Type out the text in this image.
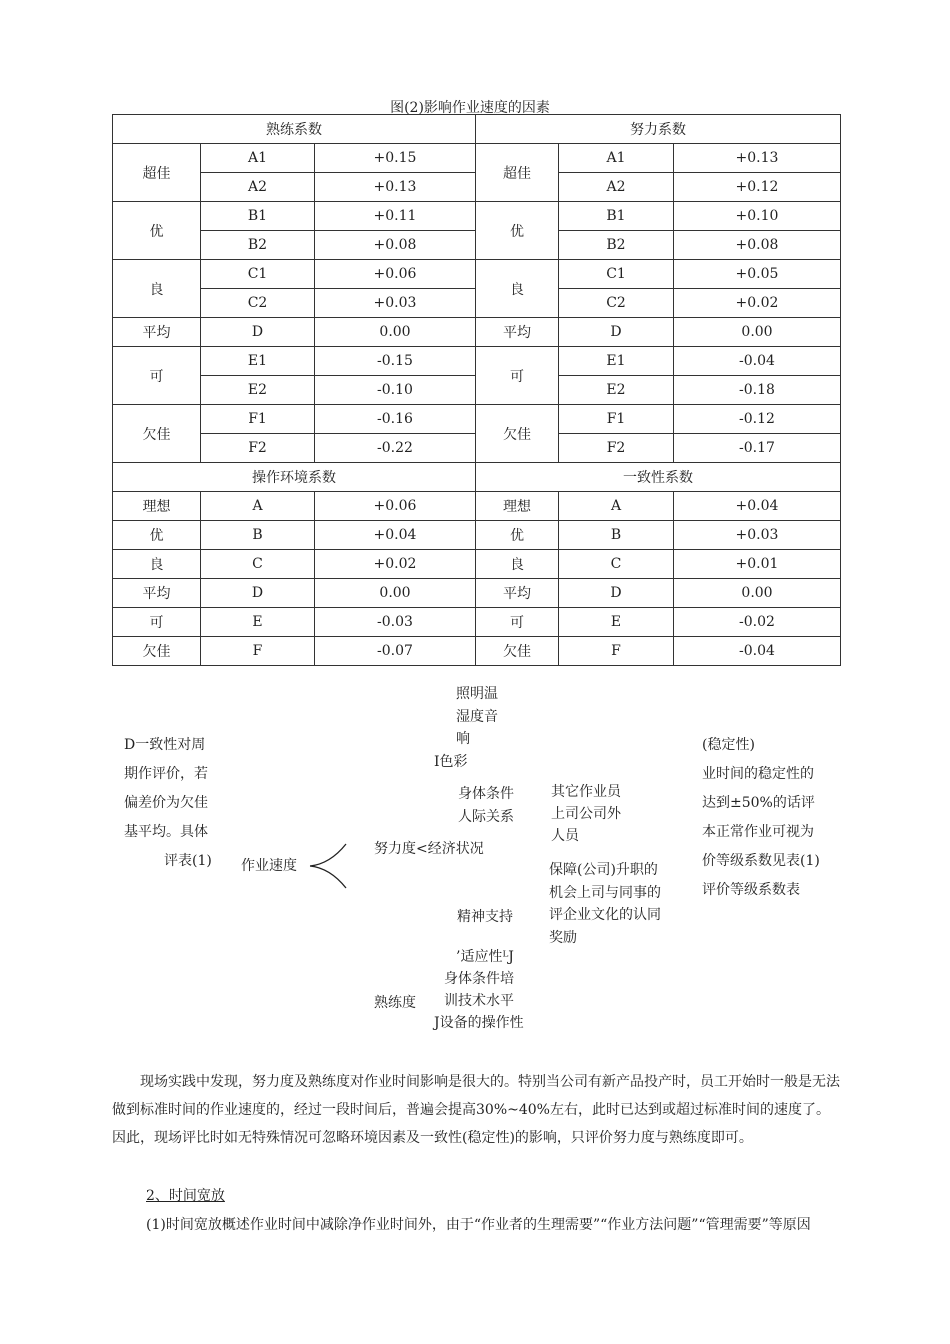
图(2)影响作业速度的因素
熟练系数			努力系数		
超佳	A1	+0.15	超佳	A1	+0.13
	A2	+0.13		A2	+0.12
优	B1	+0.11	优	B1	+0.10
	B2	+0.08		B2	+0.08
良	C1	+0.06	良	C1	+0.05
	C2	+0.03		C2	+0.02
平均	D	0.00	平均	D	0.00
可	E1	-0.15	可	E1	-0.04
	E2	-0.10		E2	-0.18
欠佳	F1	-0.16	欠佳	F1	-0.12
	F2	-0.22		F2	-0.17
操作环境系数			一致性系数		
理想	A	+0.06	理想	A	+0.04
优	B	+0.04	优	B	+0.03
良	C	+0.02	良	C	+0.01
平均	D	0.00	平均	D	0.00
可	E	-0.03	可	E	-0.02
欠佳	F	-0.07	欠佳	F	-0.04
D一致性对周
期作评价，若
偏差价为欠佳
基平均。具体
评表(1) 作业速度
照明温
湿度音
响
I色彩
身体条件
人际关系
努力度<经济状况
其它作业员
上司公司外
人员
保障(公司)升职的
机会上司与同事的
评企业文化的认同
奖励
精神支持
’适应性ᴸJ
身体条件培
训技术水平
J设备的操作性
熟练度
(稳定性)
业时间的稳定性的
达到±50%的话评
本正常作业可视为
价等级系数见表(1)
评价等级系数表

现场实践中发现，努力度及熟练度对作业时间影响是很大的。特别当公司有新产品投产时，员工开始时一般是无法做到标准时间的作业速度的，经过一段时间后，普遍会提高30%~40%左右，此时已达到或超过标准时间的速度了。因此，现场评比时如无特殊情况可忽略环境因素及一致性(稳定性)的影响，只评价努力度与熟练度即可。

2、时间宽放

(1)时间宽放概述作业时间中减除净作业时间外，由于“作业者的生理需要”“作业方法问题”“管理需要”等原因
